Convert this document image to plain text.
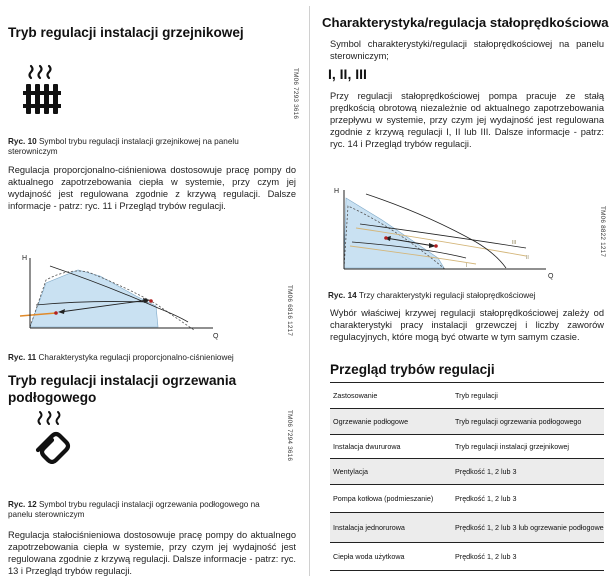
Tryb regulacji instalacji grzejnikowej
TM06 7293 3616
Ryc. 10 Symbol trybu regulacji instalacji grzejnikowej na panelu sterowniczym
Regulacja proporcjonalno-ciśnieniowa dostosowuje pracę pompy do aktualnego zapotrzebowania ciepła w systemie, przy czym jej wydajność jest regulowana zgodnie z krzywą regulacji. Dalsze informacje - patrz: ryc. 11 i Przegląd trybów regulacji.
H
Q
TM06 6816 1217
Ryc. 11 Charakterystyka regulacji proporcjonalno-ciśnieniowej
Tryb regulacji instalacji ogrzewania podłogowego
TM06 7294 3616
Ryc. 12 Symbol trybu regulacji instalacji ogrzewania podłogowego na panelu sterowniczym
Regulacja stałociśnieniowa dostosowuje pracę pompy do aktualnego zapotrzebowania ciepła w systemie, przy czym jej wydajność jest regulowana zgodnie z krzywą regulacji. Dalsze informacje - patrz: ryc. 13 i Przegląd trybów regulacji.
Charakterystyka/regulacja stałoprędkościowa
Symbol charakterystyki/regulacji stałoprędkościowej na panelu sterowniczym;
I, II, III
Przy regulacji stałoprędkościowej pompa pracuje ze stałą prędkością obrotową niezależnie od aktualnego zapotrzebowania przepływu w systemie, przy czym jej wydajność jest regulowana zgodnie z krzywą regulacji I, II lub III. Dalsze informacje - patrz: ryc. 14 i Przegląd trybów regulacji.
H
Q
III
II
I
TM06 8822 1217
Ryc. 14 Trzy charakterystyki regulacji stałoprędkościowej
Wybór właściwej krzywej regulacji stałoprędkościowej zależy od charakterystyki pracy instalacji grzewczej i liczby zaworów regulacyjnych, które mogą być otwarte w tym samym czasie.
Przegląd trybów regulacji
Zastosowanie	Tryb regulacji
Ogrzewanie podłogowe	Tryb regulacji ogrzewania podłogowego
Instalacja dwururowa	Tryb regulacji instalacji grzejnikowej
Wentylacja	Prędkość 1, 2 lub 3
Pompa kotłowa (podmieszanie)	Prędkość 1, 2 lub 3
Instalacja jednorurowa	Prędkość 1, 2 lub 3 lub ogrzewanie podłogowe
Ciepła woda użytkowa	Prędkość 1, 2 lub 3
